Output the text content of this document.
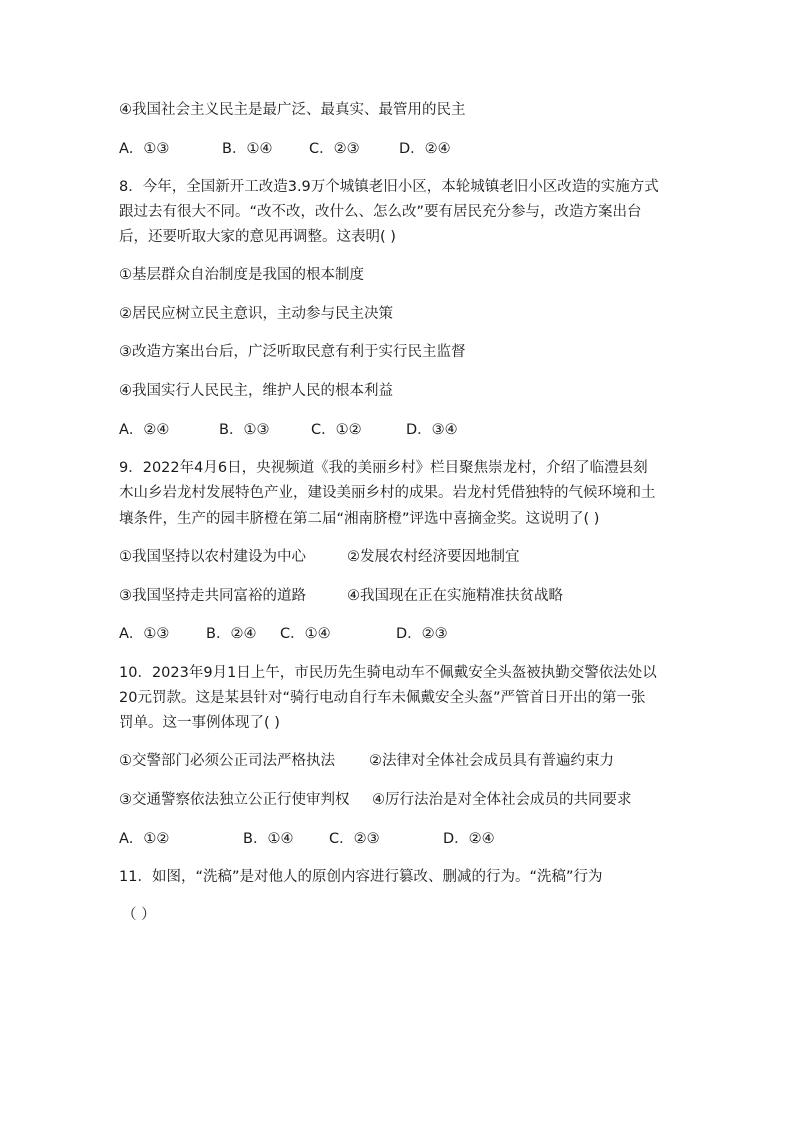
④我国社会主义民主是最广泛、最真实、最管用的民主
A．①③	B．①④	C．②③	D．②④
8．今年，全国新开工改造3.9万个城镇老旧小区，本轮城镇老旧小区改造的实施方式
跟过去有很大不同。“改不改，改什么、怎么改”要有居民充分参与，改造方案出台
后，还要听取大家的意见再调整。这表明( )
①基层群众自治制度是我国的根本制度
②居民应树立民主意识，主动参与民主决策
③改造方案出台后，广泛听取民意有利于实行民主监督
④我国实行人民民主，维护人民的根本利益
A．②④	B．①③	C．①②	D．③④
9．2022年4月6日，央视频道《我的美丽乡村》栏目聚焦崇龙村，介绍了临澧县刻
木山乡岩龙村发展特色产业，建设美丽乡村的成果。岩龙村凭借独特的气候环境和土
壤条件，生产的园丰脐橙在第二届“湘南脐橙”评选中喜摘金奖。这说明了( )
①我国坚持以农村建设为中心	②发展农村经济要因地制宜
③我国坚持走共同富裕的道路	④我国现在正在实施精准扶贫战略
A．①③	B．②④ C．①④	D．②③
10．2023年9月1日上午，市民历先生骑电动车不佩戴安全头盔被执勤交警依法处以
20元罚款。这是某县针对“骑行电动自行车未佩戴安全头盔”严管首日开出的第一张
罚单。这一事例体现了( )
①交警部门必须公正司法严格执法 ②法律对全体社会成员具有普遍约束力
③交通警察依法独立公正行使审判权 ④厉行法治是对全体社会成员的共同要求
A．①②	B．①④ C．②③	D．②④
11．如图，“洗稿”是对他人的原创内容进行篡改、删减的行为。“洗稿”行为
（ ）
